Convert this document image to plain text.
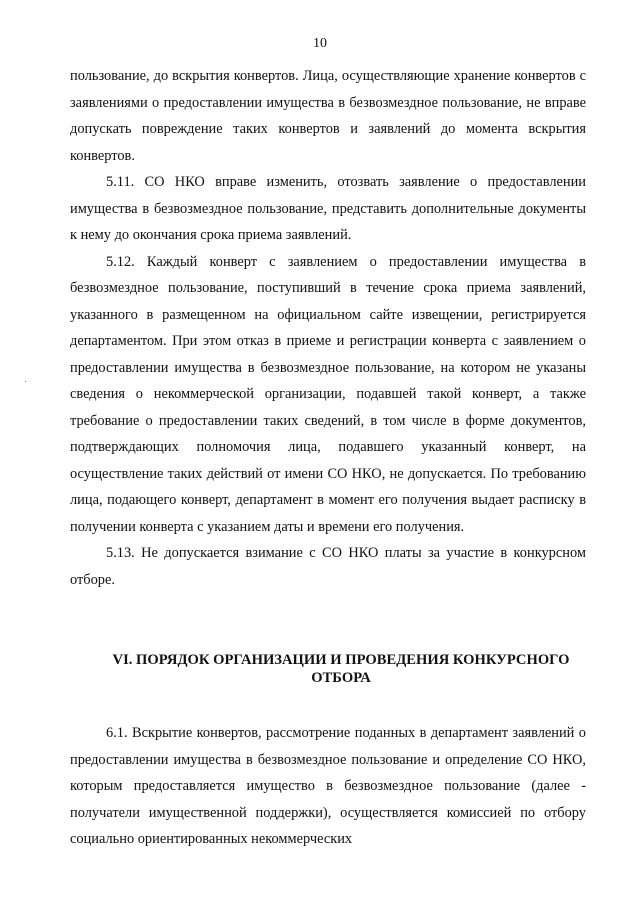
10
·

пользование, до вскрытия конвертов. Лица, осуществляющие хранение конвертов с заявлениями о предоставлении имущества в безвозмездное пользование, не вправе допускать повреждение таких конвертов и заявлений до момента вскрытия конвертов.

5.11. СО НКО вправе изменить, отозвать заявление о предоставлении имущества в безвозмездное пользование, представить дополнительные документы к нему до окончания срока приема заявлений.

5.12. Каждый конверт с заявлением о предоставлении имущества в безвозмездное пользование, поступивший в течение срока приема заявлений, указанного в размещенном на официальном сайте извещении, регистрируется департаментом. При этом отказ в приеме и регистрации конверта с заявлением о предоставлении имущества в безвозмездное пользование, на котором не указаны сведения о некоммерческой организации, подавшей такой конверт, а также требование о предоставлении таких сведений, в том числе в форме документов, подтверждающих полномочия лица, подавшего указанный конверт, на осуществление таких действий от имени СО НКО, не допускается. По требованию лица, подающего конверт, департамент в момент его получения выдает расписку в получении конверта с указанием даты и времени его получения.

5.13. Не допускается взимание с СО НКО платы за участие в конкурсном отборе.

VI. ПОРЯДОК ОРГАНИЗАЦИИ И ПРОВЕДЕНИЯ КОНКУРСНОГО
ОТБОРА

6.1. Вскрытие конвертов, рассмотрение поданных в департамент заявлений о предоставлении имущества в безвозмездное пользование и определение СО НКО, которым предоставляется имущество в безвозмездное пользование (далее - получатели имущественной поддержки), осуществляется комиссией по отбору социально ориентированных некоммерческих
